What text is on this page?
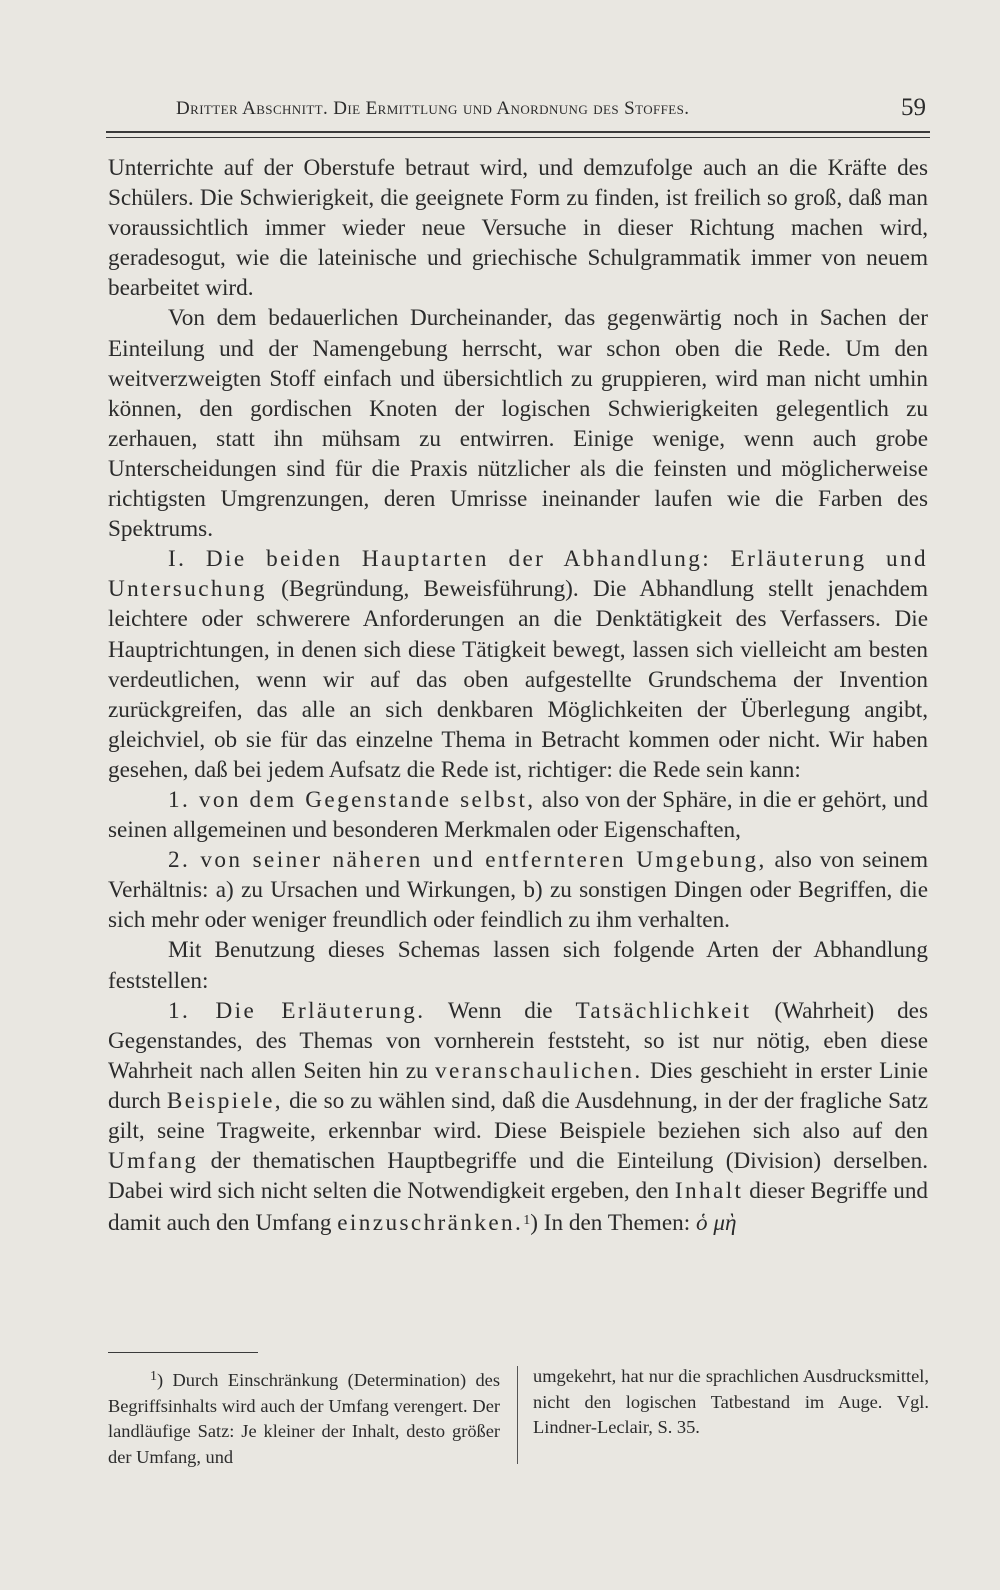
Dritter Abschnitt. Die Ermittlung und Anordnung des Stoffes.	59

Unterrichte auf der Oberstufe betraut wird, und demzufolge auch an die Kräfte des Schülers. Die Schwierigkeit, die geeignete Form zu finden, ist freilich so groß, daß man voraussichtlich immer wieder neue Versuche in dieser Richtung machen wird, geradesogut, wie die lateinische und griechische Schulgrammatik immer von neuem bearbeitet wird.

Von dem bedauerlichen Durcheinander, das gegenwärtig noch in Sachen der Einteilung und der Namengebung herrscht, war schon oben die Rede. Um den weitverzweigten Stoff einfach und übersichtlich zu gruppieren, wird man nicht umhin können, den gordischen Knoten der logischen Schwierigkeiten gelegentlich zu zerhauen, statt ihn mühsam zu entwirren. Einige wenige, wenn auch grobe Unterscheidungen sind für die Praxis nützlicher als die feinsten und möglicherweise richtigsten Umgrenzungen, deren Umrisse ineinander laufen wie die Farben des Spektrums.

I. Die beiden Hauptarten der Abhandlung: Erläuterung und Untersuchung (Begründung, Beweisführung). Die Abhandlung stellt jenachdem leichtere oder schwerere Anforderungen an die Denktätigkeit des Verfassers. Die Hauptrichtungen, in denen sich diese Tätigkeit bewegt, lassen sich vielleicht am besten verdeutlichen, wenn wir auf das oben aufgestellte Grundschema der Invention zurückgreifen, das alle an sich denkbaren Möglichkeiten der Überlegung angibt, gleichviel, ob sie für das einzelne Thema in Betracht kommen oder nicht. Wir haben gesehen, daß bei jedem Aufsatz die Rede ist, richtiger: die Rede sein kann:

1. von dem Gegenstande selbst, also von der Sphäre, in die er gehört, und seinen allgemeinen und besonderen Merkmalen oder Eigenschaften,

2. von seiner näheren und entfernteren Umgebung, also von seinem Verhältnis: a) zu Ursachen und Wirkungen, b) zu sonstigen Dingen oder Begriffen, die sich mehr oder weniger freundlich oder feindlich zu ihm verhalten.

Mit Benutzung dieses Schemas lassen sich folgende Arten der Abhandlung feststellen:

1. Die Erläuterung. Wenn die Tatsächlichkeit (Wahrheit) des Gegenstandes, des Themas von vornherein feststeht, so ist nur nötig, eben diese Wahrheit nach allen Seiten hin zu veranschaulichen. Dies geschieht in erster Linie durch Beispiele, die so zu wählen sind, daß die Ausdehnung, in der der fragliche Satz gilt, seine Tragweite, erkennbar wird. Diese Beispiele beziehen sich also auf den Umfang der thematischen Hauptbegriffe und die Einteilung (Division) derselben. Dabei wird sich nicht selten die Notwendigkeit ergeben, den Inhalt dieser Begriffe und damit auch den Umfang einzuschränken.$^1$) In den Themen: ὁ μὴ

$^1$) Durch Einschränkung (Determination) des Begriffsinhalts wird auch der Umfang verengert. Der landläufige Satz: Je kleiner der Inhalt, desto größer der Umfang, und

umgekehrt, hat nur die sprachlichen Ausdrucksmittel, nicht den logischen Tatbestand im Auge. Vgl. Lindner-Leclair, S. 35.
